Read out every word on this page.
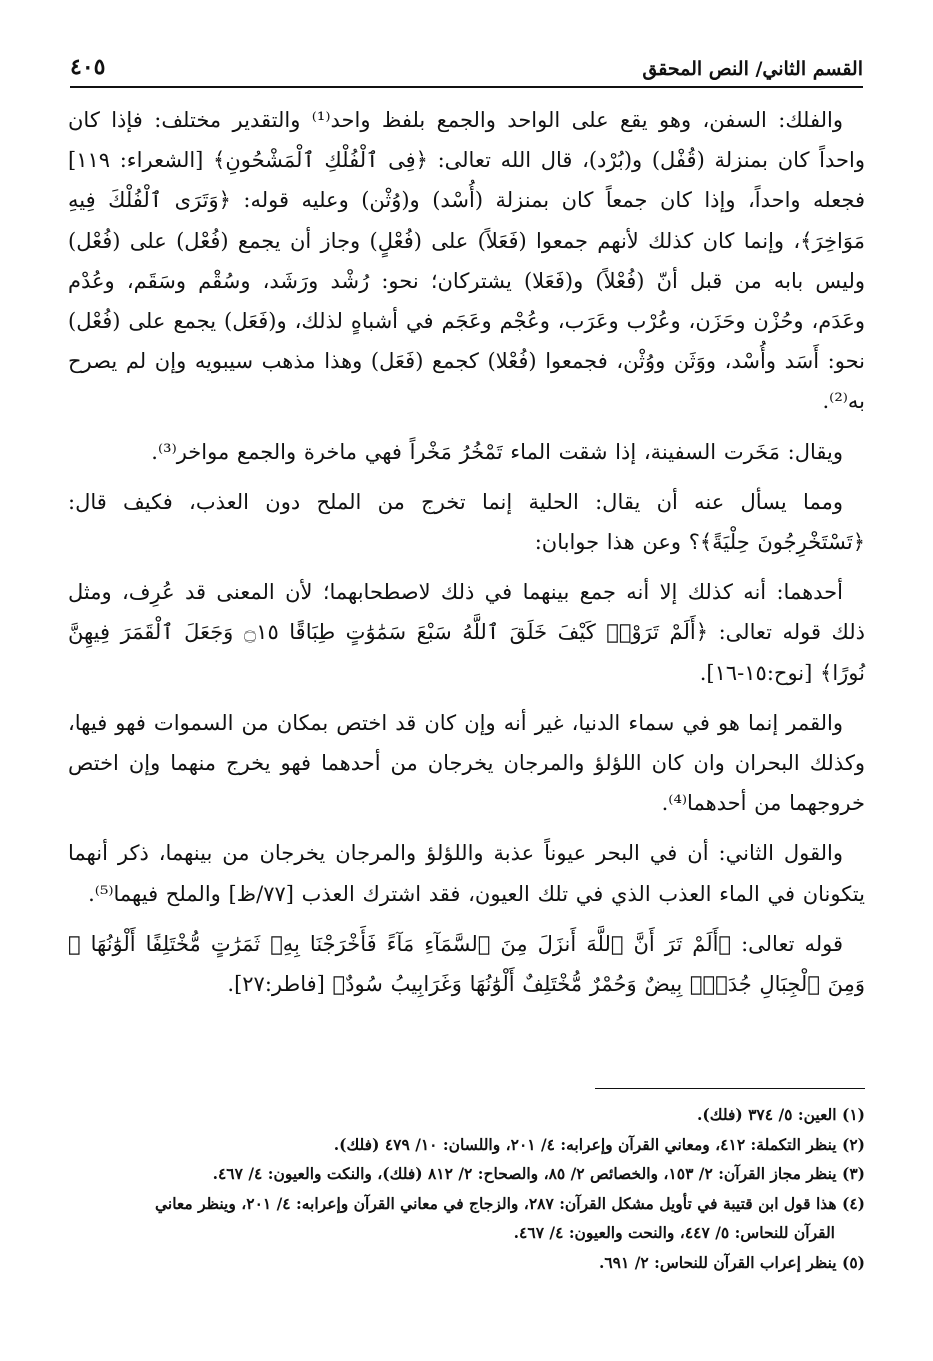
القسم الثاني/ النص المحقق
٤٠٥

والفلك: السفن، وهو يقع على الواحد والجمع بلفظ واحد⁽¹⁾ والتقدير مختلف: فإذا كان واحداً كان بمنزلة (قُفْل) و(بُرْد)، قال الله تعالى: ﴿فِى ٱلْفُلْكِ ٱلْمَشْحُونِ﴾ [الشعراء: ١١٩] فجعله واحداً، وإذا كان جمعاً كان بمنزلة (أُسْد) و(وُثْن) وعليه قوله: ﴿وَتَرَى ٱلْفُلْكَ فِيهِ مَوَاخِرَ﴾، وإنما كان كذلك لأنهم جمعوا (فَعَلاً) على (فُعْلٍ) وجاز أن يجمع (فُعْل) على (فُعْل) وليس بابه من قبل أنّ (فُعْلاً) و(فَعَلا) يشتركان؛ نحو: رُشْد ورَشَد، وسُقْم وسَقَم، وعُدْم وعَدَم، وحُزْن وحَزَن، وعُرْب وعَرَب، وعُجْم وعَجَم في أشباهٍ لذلك، و(فَعَل) يجمع على (فُعْل) نحو: أَسَد وأُسْد، ووَثَن ووُثْن، فجمعوا (فُعْلا) كجمع (فَعَل) وهذا مذهب سيبويه وإن لم يصرح به⁽²⁾.

ويقال: مَخَرت السفينة، إذا شقت الماء تَمْخُرُ مَخْراً فهي ماخرة والجمع مواخر⁽³⁾.

ومما يسأل عنه أن يقال: الحلية إنما تخرج من الملح دون العذب، فكيف قال: ﴿تَسْتَخْرِجُونَ حِلْيَةً﴾؟ وعن هذا جوابان:

أحدهما: أنه كذلك إلا أنه جمع بينهما في ذلك لاصطحابهما؛ لأن المعنى قد عُرِف، ومثل ذلك قوله تعالى: ﴿أَلَمْ تَرَوْا۟ كَيْفَ خَلَقَ ٱللَّهُ سَبْعَ سَمَٰوَٰتٍ طِبَاقًا ۝١٥ وَجَعَلَ ٱلْقَمَرَ فِيهِنَّ نُورًا﴾ [نوح:١٥-١٦].

والقمر إنما هو في سماء الدنيا، غير أنه وإن كان قد اختص بمكان من السموات فهو فيها، وكذلك البحران وان كان اللؤلؤ والمرجان يخرجان من أحدهما فهو يخرج منهما وإن اختص خروجهما من أحدهما⁽⁴⁾.

والقول الثاني: أن في البحر عيوناً عذبة واللؤلؤ والمرجان يخرجان من بينهما، ذكر أنهما يتكونان في الماء العذب الذي في تلك العيون، فقد اشترك العذب [٧٧/ظ] والملح فيهما⁽⁵⁾.

قوله تعالى: ﴿أَلَمْ تَرَ أَنَّ ٱللَّهَ أَنزَلَ مِنَ ٱلسَّمَآءِ مَآءً فَأَخْرَجْنَا بِهِۦ ثَمَرَٰتٍ مُّخْتَلِفًا أَلْوَٰنُهَا ۚ وَمِنَ ٱلْجِبَالِ جُدَدٌۢ بِيضٌ وَحُمْرٌ مُّخْتَلِفٌ أَلْوَٰنُهَا وَغَرَابِيبُ سُودٌ﴾ [فاطر:٢٧].

(١) العين: ٥/ ٣٧٤ (فلك).

(٢) ينظر التكملة: ٤١٢، ومعاني القرآن وإعرابه: ٤/ ٢٠١، واللسان: ١٠/ ٤٧٩ (فلك).

(٣) ينظر مجاز القرآن: ٢/ ١٥٣، والخصائص ٢/ ٨٥، والصحاح: ٢/ ٨١٢ (فلك)، والنكت والعيون: ٤/ ٤٦٧.

(٤) هذا قول ابن قتيبة في تأويل مشكل القرآن: ٢٨٧، والزجاج في معاني القرآن وإعرابه: ٤/ ٢٠١، وينظر معاني

القرآن للنحاس: ٥/ ٤٤٧، والنحت والعيون: ٤/ ٤٦٧.

(٥) ينظر إعراب القرآن للنحاس: ٢/ ٦٩١.
